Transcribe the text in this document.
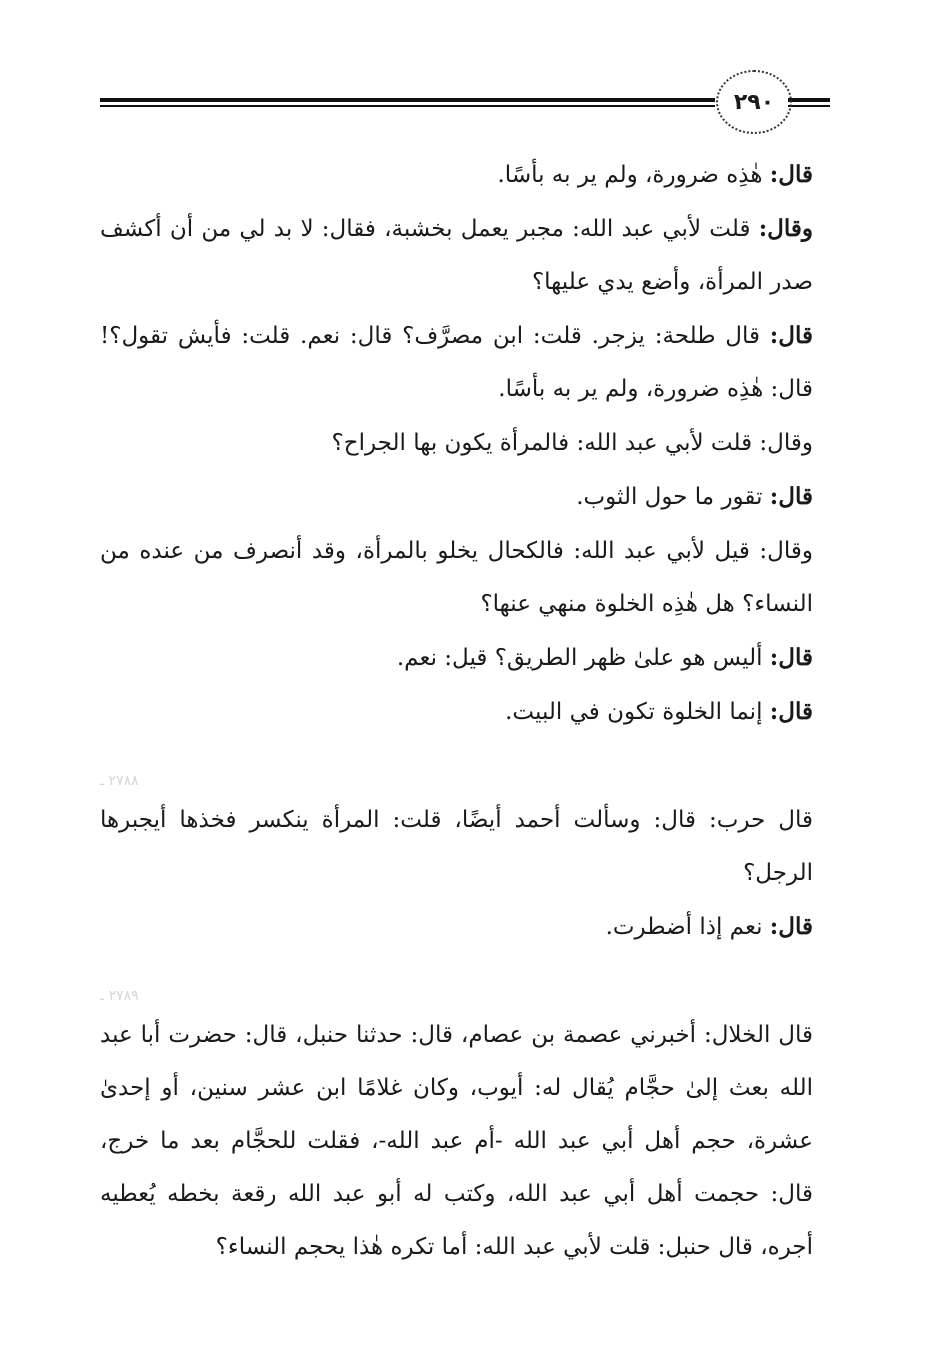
٢٩٠

قال: هٰذِه ضرورة، ولم ير به بأسًا.

وقال: قلت لأبي عبد الله: مجبر يعمل بخشبة، فقال: لا بد لي من أن أكشف صدر المرأة، وأضع يدي عليها؟

قال: قال طلحة: يزجر. قلت: ابن مصرَّف؟ قال: نعم. قلت: فأيش تقول؟! قال: هٰذِه ضرورة، ولم ير به بأسًا.

وقال: قلت لأبي عبد الله: فالمرأة يكون بها الجراح؟

قال: تقور ما حول الثوب.

وقال: قيل لأبي عبد الله: فالكحال يخلو بالمرأة، وقد أنصرف من عنده من النساء؟ هل هٰذِه الخلوة منهي عنها؟

قال: أليس هو علىٰ ظهر الطريق؟ قيل: نعم.

قال: إنما الخلوة تكون في البيت.

٢٧٨٨ ـ

قال حرب: قال: وسألت أحمد أيضًا، قلت: المرأة ينكسر فخذها أيجبرها الرجل؟

قال: نعم إذا أضطرت.

٢٧٨٩ ـ

قال الخلال: أخبرني عصمة بن عصام، قال: حدثنا حنبل، قال: حضرت أبا عبد الله بعث إلىٰ حجَّام يُقال له: أيوب، وكان غلامًا ابن عشر سنين، أو إحدىٰ عشرة، حجم أهل أبي عبد الله -أم عبد الله-، فقلت للحجَّام بعد ما خرج، قال: حجمت أهل أبي عبد الله، وكتب له أبو عبد الله رقعة بخطه يُعطيه أجره، قال حنبل: قلت لأبي عبد الله: أما تكره هٰذا يحجم النساء؟
